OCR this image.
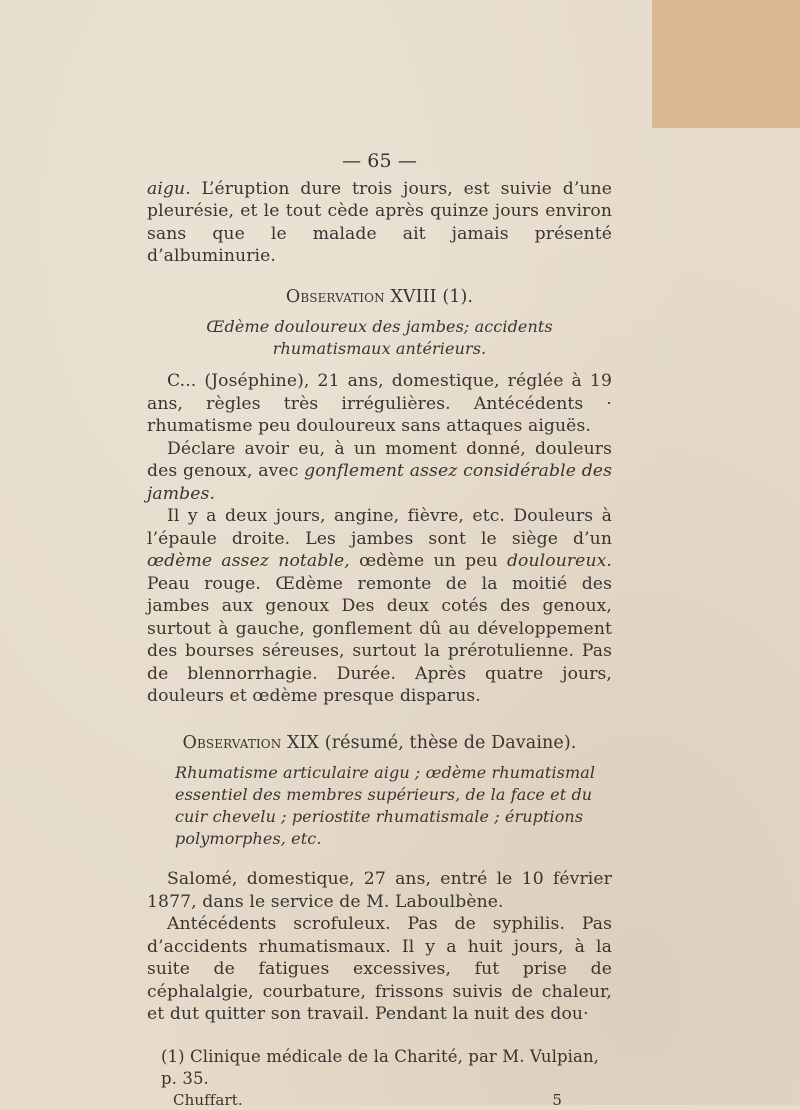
— 65 —

aigu. L’éruption dure trois jours, est suivie d’une pleurésie, et le tout cède après quinze jours environ sans que le malade ait jamais présenté d’albuminurie.

Observation XVIII (1).
Œdème douloureux des jambes; accidents rhumatismaux antérieurs.

C... (Joséphine), 21 ans, domestique, réglée à 19 ans, règles très irrégulières. Antécédents · rhumatisme peu douloureux sans attaques aiguës.

Déclare avoir eu, à un moment donné, douleurs des genoux, avec gonflement assez considérable des jambes.

Il y a deux jours, angine, fièvre, etc. Douleurs à l’épaule droite. Les jambes sont le siège d’un œdème assez notable, œdème un peu douloureux. Peau rouge. Œdème remonte de la moitié des jambes aux genoux Des deux cotés des genoux, surtout à gauche, gonflement dû au développement des bourses séreuses, surtout la prérotulienne. Pas de blennorrhagie. Durée. Après quatre jours, douleurs et œdème presque disparus.

Observation XIX (résumé, thèse de Davaine).
Rhumatisme articulaire aigu ; œdème rhumatismal essentiel des membres supérieurs, de la face et du cuir chevelu ; periostite rhumatismale ; éruptions polymorphes, etc.

Salomé, domestique, 27 ans, entré le 10 février 1877, dans le service de M. Laboulbène.

Antécédents scrofuleux. Pas de syphilis. Pas d’accidents rhumatismaux. Il y a huit jours, à la suite de fatigues excessives, fut prise de céphalalgie, courbature, frissons suivis de chaleur, et dut quitter son travail. Pendant la nuit des dou·

(1) Clinique médicale de la Charité, par M. Vulpian, p. 35.
Chuffart.	5
